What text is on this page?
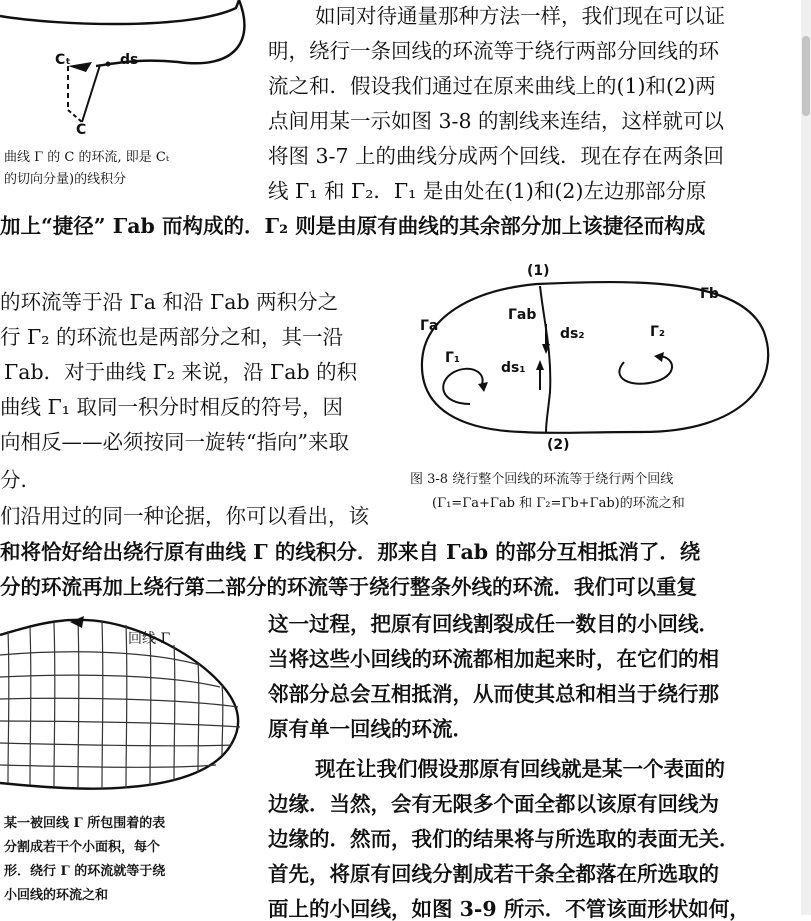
Cₜ	ds
C
曲线 Γ 的 C 的环流, 即是 Cₜ
的切向分量)的线积分
如同对待通量那种方法一样，我们现在可以证
明，绕行一条回线的环流等于绕行两部分回线的环
流之和．假设我们通过在原来曲线上的(1)和(2)两
点间用某一示如图 3-8 的割线来连结，这样就可以
将图 3-7 上的曲线分成两个回线．现在存在两条回
线 Γ₁ 和 Γ₂．Γ₁ 是由处在(1)和(2)左边那部分原
加上“捷径” Γab 而构成的．Γ₂ 则是由原有曲线的其余部分加上该捷径而构成
的环流等于沿 Γa 和沿 Γab 两积分之
行 Γ₂ 的环流也是两部分之和，其一沿
Γab．对于曲线 Γ₂ 来说，沿 Γab 的积
曲线 Γ₁ 取同一积分时相反的符号，因
向相反——必须按同一旋转“指向”来取
分．
们沿用过的同一种论据，你可以看出，该
(1)
(2)
Γb
Γa
Γab
ds₂
ds₁
Γ₁
Γ₂
图 3-8 绕行整个回线的环流等于绕行两个回线
(Γ₁=Γa+Γab 和 Γ₂=Γb+Γab)的环流之和
和将恰好给出绕行原有曲线 Γ 的线积分．那来自 Γab 的部分互相抵消了．绕
分的环流再加上绕行第二部分的环流等于绕行整条外线的环流．我们可以重复
回线 Γ
某一被回线 Γ 所包围着的表
分割成若干个小面积，每个
形．绕行 Γ 的环流就等于绕
小回线的环流之和
这一过程，把原有回线割裂成任一数目的小回线．
当将这些小回线的环流都相加起来时，在它们的相
邻部分总会互相抵消，从而使其总和相当于绕行那
原有单一回线的环流．
现在让我们假设那原有回线就是某一个表面的
边缘．当然，会有无限多个面全都以该原有回线为
边缘的．然而，我们的结果将与所选取的表面无关．
首先，将原有回线分割成若干条全都落在所选取的
面上的小回线，如图 3-9 所示．不管该面形状如何，
